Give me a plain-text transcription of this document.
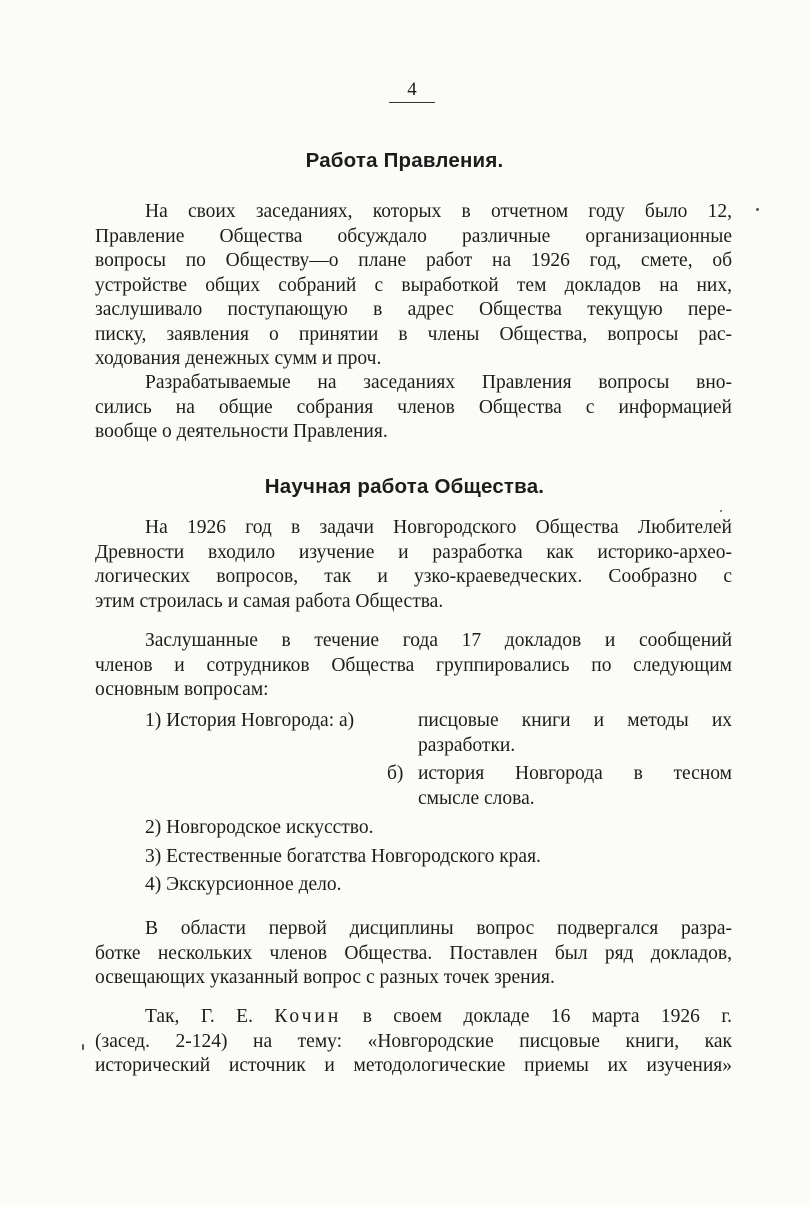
4
Работа Правления.
На своих заседаниях, которых в отчетном году было 12,
Правление Общества обсуждало различные организационные
вопросы по Обществу—о плане работ на 1926 год, смете, об
устройстве общих собраний с выработкой тем докладов на них,
заслушивало поступающую в адрес Общества текущую пере-
писку, заявления о принятии в члены Общества, вопросы рас-
ходования денежных сумм и проч.
Разрабатываемые на заседаниях Правления вопросы вно-
сились на общие собрания членов Общества с информацией
вообще о деятельности Правления.
Научная работа Общества.
На 1926 год в задачи Новгородского Общества Любителей
Древности входило изучение и разработка как историко-архео-
логических вопросов, так и узко-краеведческих. Сообразно с
этим строилась и самая работа Общества.
Заслушанные в течение года 17 докладов и сообщений
членов и сотрудников Общества группировались по следующим
основным вопросам:
1) История Новгорода: а)	писцовые книги и методы их
разработки.
б) история Новгорода в тесном
смысле слова.
2) Новгородское искусство.
3) Естественные богатства Новгородского края.
4) Экскурсионное дело.
В области первой дисциплины вопрос подвергался разра-
ботке нескольких членов Общества. Поставлен был ряд докладов,
освещающих указанный вопрос с разных точек зрения.
Так, Г. Е. Кочин в своем докладе 16 марта 1926 г.
(засед. 2-124) на тему: «Новгородские писцовые книги, как
исторический источник и методологические приемы их изучения»
